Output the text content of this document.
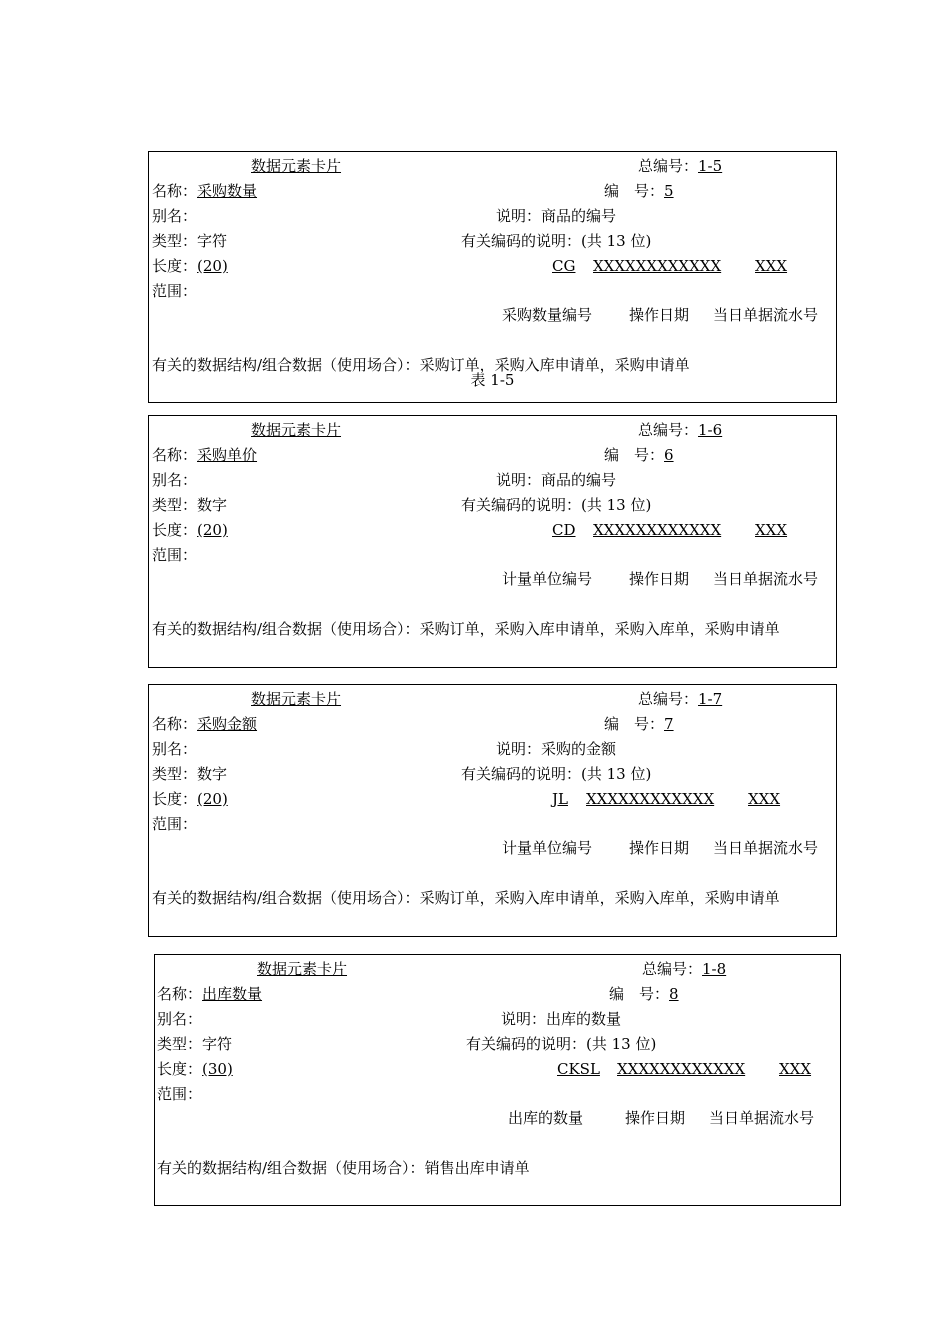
数据元素卡片	总编号：1-5
名称：采购数量	编　号：5
别名：	说明：商品的编号
类型：字符	有关编码的说明：(共 13 位)
长度：(20)	CG XXXXXXXXXXXX XXX
范围：
采购数量编号 操作日期 当日单据流水号
有关的数据结构/组合数据（使用场合）：采购订单，采购入库申请单，采购申请单
表 1-5
数据元素卡片	总编号：1-6
名称：采购单价	编　号：6
别名：	说明：商品的编号
类型：数字	有关编码的说明：(共 13 位)
长度：(20)	CD XXXXXXXXXXXX XXX
范围：
计量单位编号 操作日期 当日单据流水号
有关的数据结构/组合数据（使用场合）：采购订单，采购入库申请单，采购入库单，采购申请单
数据元素卡片	总编号：1-7
名称：采购金额	编　号：7
别名：	说明：采购的金额
类型：数字	有关编码的说明：(共 13 位)
长度：(20)	JL XXXXXXXXXXXX XXX
范围：
计量单位编号 操作日期 当日单据流水号
有关的数据结构/组合数据（使用场合）：采购订单，采购入库申请单，采购入库单，采购申请单
数据元素卡片	总编号：1-8
名称：出库数量	编　号：8
别名：	说明：出库的数量
类型：字符	有关编码的说明：(共 13 位)
长度：(30)	CKSL XXXXXXXXXXXX XXX
范围：
出库的数量	操作日期 当日单据流水号
有关的数据结构/组合数据（使用场合）：销售出库申请单
